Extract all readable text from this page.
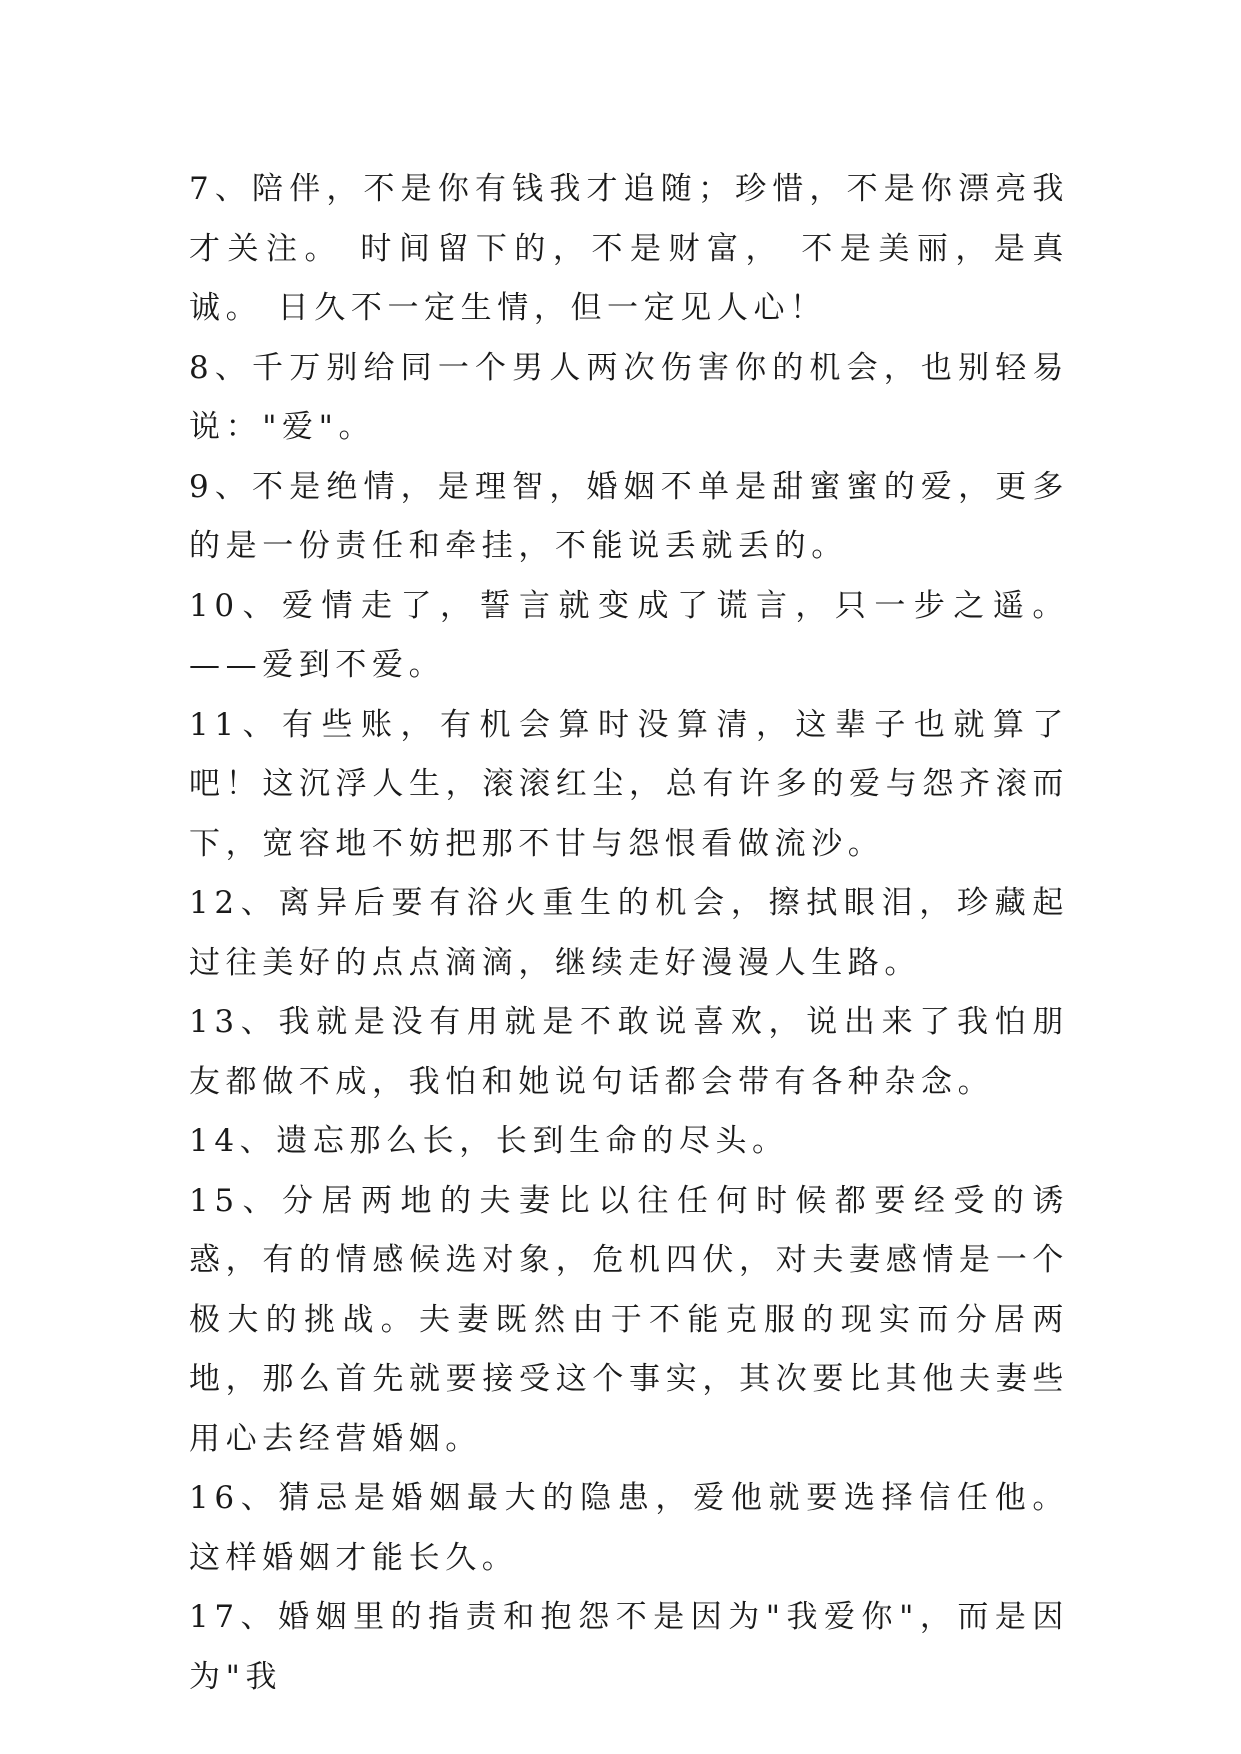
7、陪伴，不是你有钱我才追随；珍惜，不是你漂亮我才关注。 时间留下的，不是财富， 不是美丽，是真诚。 日久不一定生情，但一定见人心！

8、千万别给同一个男人两次伤害你的机会，也别轻易说："爱"。

9、不是绝情，是理智，婚姻不单是甜蜜蜜的爱，更多的是一份责任和牵挂，不能说丢就丢的。

10、爱情走了，誓言就变成了谎言，只一步之遥。——爱到不爱。

11、有些账，有机会算时没算清，这辈子也就算了吧！这沉浮人生，滚滚红尘，总有许多的爱与怨齐滚而下，宽容地不妨把那不甘与怨恨看做流沙。

12、离异后要有浴火重生的机会，擦拭眼泪，珍藏起过往美好的点点滴滴，继续走好漫漫人生路。

13、我就是没有用就是不敢说喜欢，说出来了我怕朋友都做不成，我怕和她说句话都会带有各种杂念。

14、遗忘那么长，长到生命的尽头。

15、分居两地的夫妻比以往任何时候都要经受的诱惑，有的情感候选对象，危机四伏，对夫妻感情是一个极大的挑战。夫妻既然由于不能克服的现实而分居两地，那么首先就要接受这个事实，其次要比其他夫妻些用心去经营婚姻。

16、猜忌是婚姻最大的隐患，爱他就要选择信任他。这样婚姻才能长久。

17、婚姻里的指责和抱怨不是因为"我爱你"，而是因为"我
